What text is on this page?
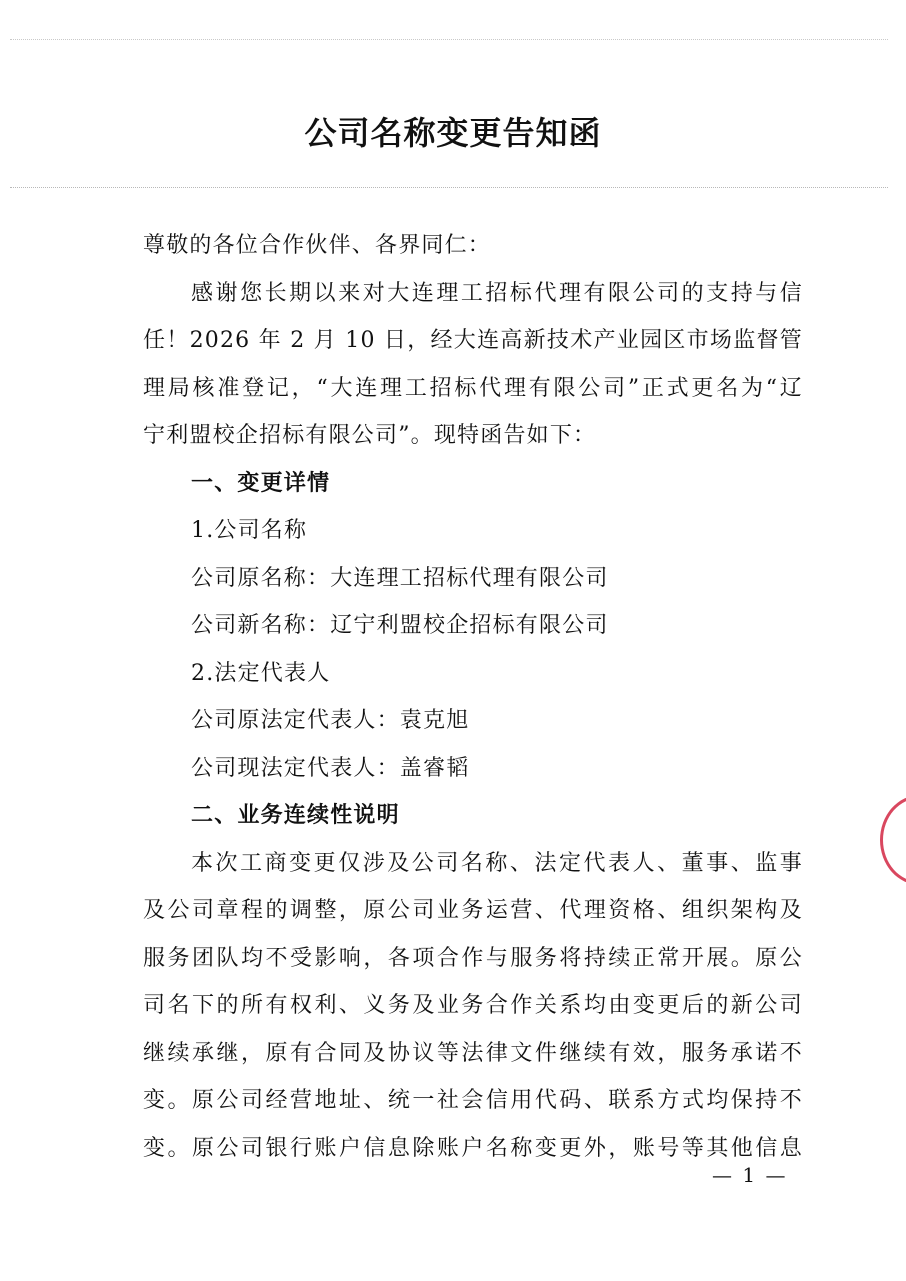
公司名称变更告知函
尊敬的各位合作伙伴、各界同仁：
感谢您长期以来对大连理工招标代理有限公司的支持与信
任！2026 年 2 月 10 日，经大连高新技术产业园区市场监督管
理局核准登记，“大连理工招标代理有限公司”正式更名为“辽
宁利盟校企招标有限公司”。现特函告如下：
一、变更详情
1.公司名称
公司原名称：大连理工招标代理有限公司
公司新名称：辽宁利盟校企招标有限公司
2.法定代表人
公司原法定代表人：袁克旭
公司现法定代表人：盖睿韬
二、业务连续性说明
本次工商变更仅涉及公司名称、法定代表人、董事、监事
及公司章程的调整，原公司业务运营、代理资格、组织架构及
服务团队均不受影响，各项合作与服务将持续正常开展。原公
司名下的所有权利、义务及业务合作关系均由变更后的新公司
继续承继，原有合同及协议等法律文件继续有效，服务承诺不
变。原公司经营地址、统一社会信用代码、联系方式均保持不
变。原公司银行账户信息除账户名称变更外，账号等其他信息
— 1 —
